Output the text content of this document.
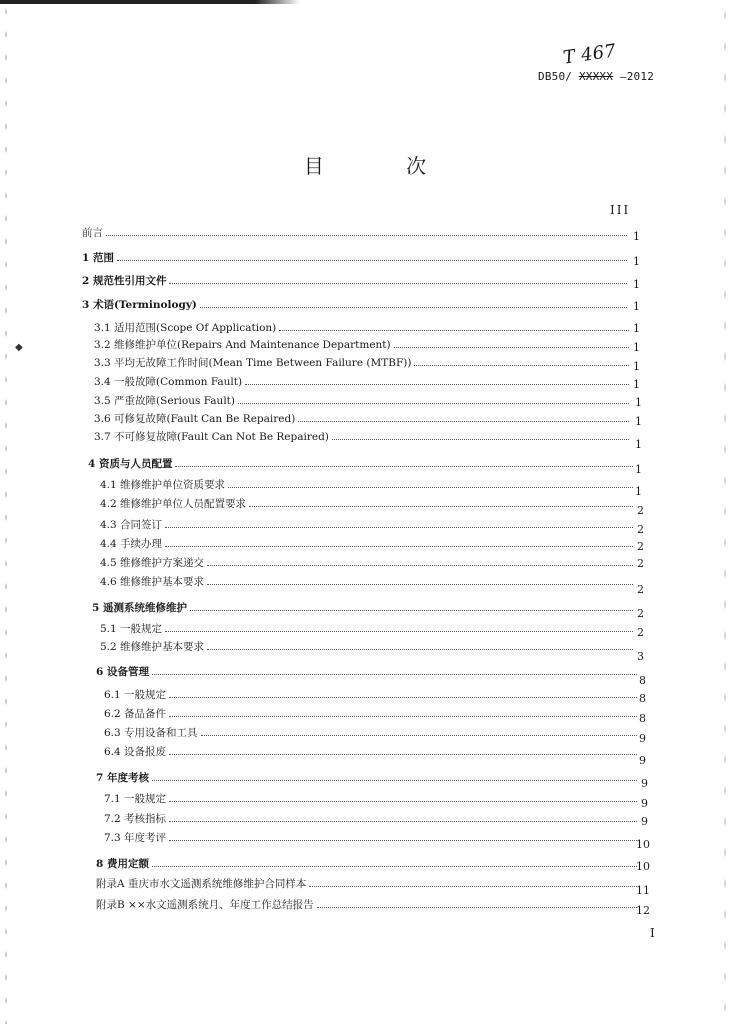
◆
T 467
DB50/ XXXXX —2012
目 次
III
前言
1 范围
2 规范性引用文件
3 术语(Terminology)
3.1 适用范围(Scope Of Application)
3.2 维修维护单位(Repairs And Maintenance Department)
3.3 平均无故障工作时间(Mean Time Between Failure (MTBF))
3.4 一般故障(Common Fault)
3.5 严重故障(Serious Fault)
3.6 可修复故障(Fault Can Be Repaired)
3.7 不可修复故障(Fault Can Not Be Repaired)
4 资质与人员配置
4.1 维修维护单位资质要求
4.2 维修维护单位人员配置要求
4.3 合同签订
4.4 手续办理
4.5 维修维护方案递交
4.6 维修维护基本要求
5 遥测系统维修维护
5.1 一般规定
5.2 维修维护基本要求
6 设备管理
6.1 一般规定
6.2 备品备件
6.3 专用设备和工具
6.4 设备报废
7 年度考核
7.1 一般规定
7.2 考核指标
7.3 年度考评
8 费用定额
附录A 重庆市水文遥测系统维修维护合同样本
附录B ××水文遥测系统月、年度工作总结报告
1
1
1
1
1
1
1
1
1
1
1
1
1
2
2
2
2
2
2
2
3
8
8
8
9
9
9
9
9
10
10
11
12
I
